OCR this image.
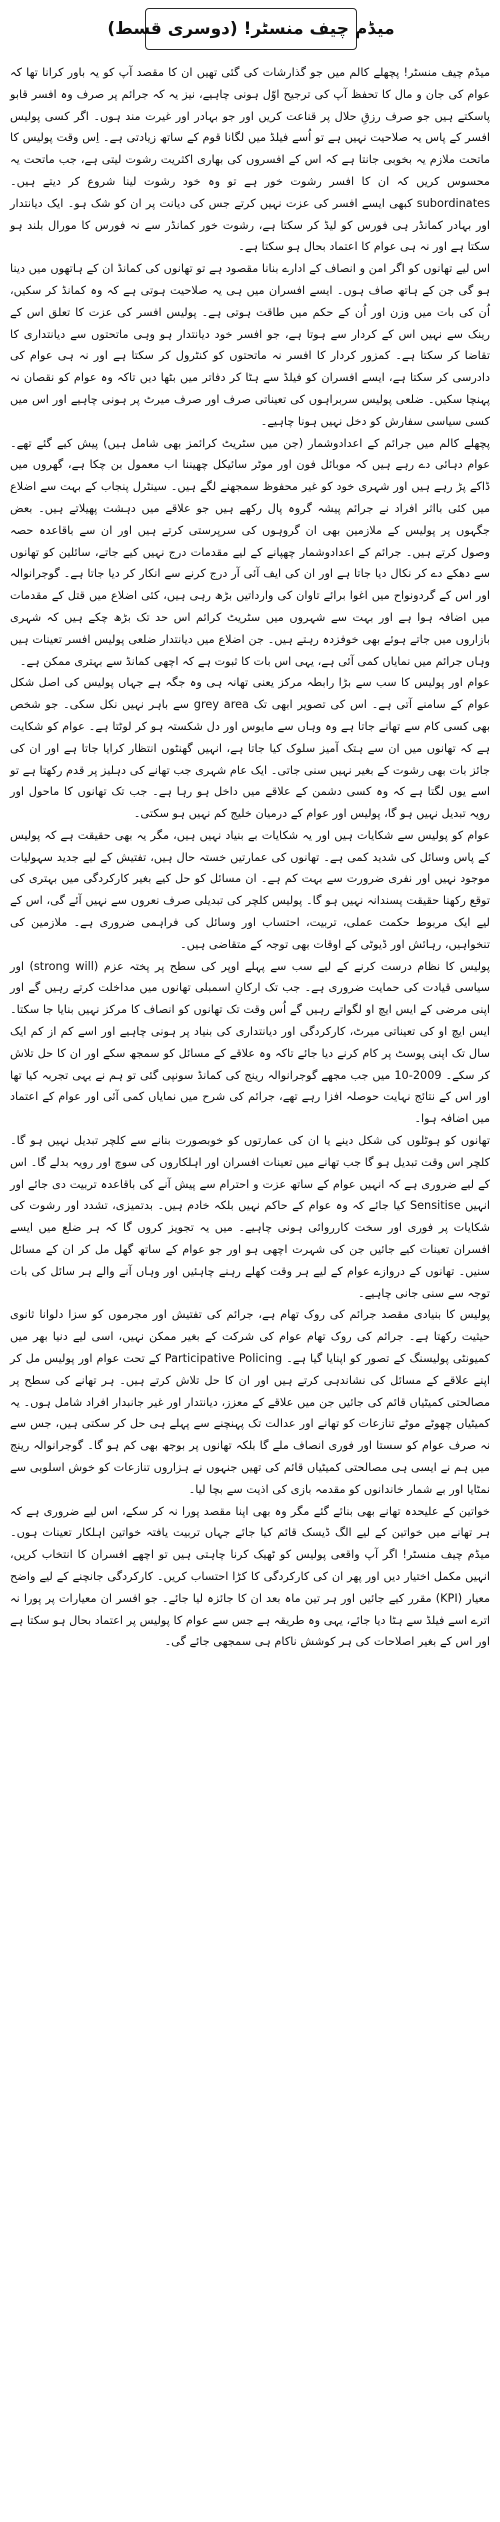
میڈم چیف منسٹر! (دوسری قسط)

میڈم چیف منسٹر! پچھلے کالم میں جو گذارشات کی گئی تھیں ان کا مقصد آپ کو یہ باور کرانا تھا کہ عوام کی جان و مال کا تحفظ آپ کی ترجیح اوّل ہونی چاہیے، نیز یہ کہ جرائم پر صرف وہ افسر قابو پاسکتے ہیں جو صرف رزقِ حلال پر قناعت کریں اور جو بہادر اور غیرت مند ہوں۔ اگر کسی پولیس افسر کے پاس یہ صلاحیت نہیں ہے تو اُسے فیلڈ میں لگانا قوم کے ساتھ زیادتی ہے۔ اِس وقت پولیس کا ماتحت ملازم یہ بخوبی جانتا ہے کہ اس کے افسروں کی بھاری اکثریت رشوت لیتی ہے، جب ماتحت یہ محسوس کریں کہ ان کا افسر رشوت خور ہے تو وہ خود رشوت لینا شروع کر دیتے ہیں۔ subordinates کبھی ایسے افسر کی عزت نہیں کرتے جس کی دیانت پر ان کو شک ہو۔ ایک دیانتدار اور بہادر کمانڈر ہی فورس کو لیڈ کر سکتا ہے، رشوت خور کمانڈر سے نہ فورس کا مورال بلند ہو سکتا ہے اور نہ ہی عوام کا اعتماد بحال ہو سکتا ہے۔

اس لیے تھانوں کو اگر امن و انصاف کے ادارے بنانا مقصود ہے تو تھانوں کی کمانڈ ان کے ہاتھوں میں دینا ہو گی جن کے ہاتھ صاف ہوں۔ ایسے افسران میں ہی یہ صلاحیت ہوتی ہے کہ وہ کمانڈ کر سکیں، اُن کی بات میں وزن اور اُن کے حکم میں طاقت ہوتی ہے۔ پولیس افسر کی عزت کا تعلق اس کے رینک سے نہیں اس کے کردار سے ہوتا ہے، جو افسر خود دیانتدار ہو وہی ماتحتوں سے دیانتداری کا تقاضا کر سکتا ہے۔ کمزور کردار کا افسر نہ ماتحتوں کو کنٹرول کر سکتا ہے اور نہ ہی عوام کی دادرسی کر سکتا ہے، ایسے افسران کو فیلڈ سے ہٹا کر دفاتر میں بٹھا دیں تاکہ وہ عوام کو نقصان نہ پہنچا سکیں۔ ضلعی پولیس سربراہوں کی تعیناتی صرف اور صرف میرٹ پر ہونی چاہیے اور اس میں کسی سیاسی سفارش کو دخل نہیں ہونا چاہیے۔

پچھلے کالم میں جرائم کے اعدادوشمار (جن میں سٹریٹ کرائمز بھی شامل ہیں) پیش کیے گئے تھے۔ عوام دہائی دے رہے ہیں کہ موبائل فون اور موٹر سائیکل چھیننا اب معمول بن چکا ہے، گھروں میں ڈاکے پڑ رہے ہیں اور شہری خود کو غیر محفوظ سمجھنے لگے ہیں۔ سینٹرل پنجاب کے بہت سے اضلاع میں کئی بااثر افراد نے جرائم پیشہ گروہ پال رکھے ہیں جو علاقے میں دہشت پھیلاتے ہیں۔ بعض جگہوں پر پولیس کے ملازمین بھی ان گروہوں کی سرپرستی کرتے ہیں اور ان سے باقاعدہ حصہ وصول کرتے ہیں۔ جرائم کے اعدادوشمار چھپانے کے لیے مقدمات درج نہیں کیے جاتے، سائلین کو تھانوں سے دھکے دے کر نکال دیا جاتا ہے اور ان کی ایف آئی آر درج کرنے سے انکار کر دیا جاتا ہے۔ گوجرانوالہ اور اس کے گردونواح میں اغوا برائے تاوان کی وارداتیں بڑھ رہی ہیں، کئی اضلاع میں قتل کے مقدمات میں اضافہ ہوا ہے اور بہت سے شہروں میں سٹریٹ کرائم اس حد تک بڑھ چکے ہیں کہ شہری بازاروں میں جاتے ہوئے بھی خوفزدہ رہتے ہیں۔ جن اضلاع میں دیانتدار ضلعی پولیس افسر تعینات ہیں وہاں جرائم میں نمایاں کمی آئی ہے، یہی اس بات کا ثبوت ہے کہ اچھی کمانڈ سے بہتری ممکن ہے۔

عوام اور پولیس کا سب سے بڑا رابطہ مرکز یعنی تھانہ ہی وہ جگہ ہے جہاں پولیس کی اصل شکل عوام کے سامنے آتی ہے۔ اس کی تصویر ابھی تک grey area سے باہر نہیں نکل سکی۔ جو شخص بھی کسی کام سے تھانے جاتا ہے وہ وہاں سے مایوس اور دل شکستہ ہو کر لوٹتا ہے۔ عوام کو شکایت ہے کہ تھانوں میں ان سے ہتک آمیز سلوک کیا جاتا ہے، انہیں گھنٹوں انتظار کرایا جاتا ہے اور ان کی جائز بات بھی رشوت کے بغیر نہیں سنی جاتی۔ ایک عام شہری جب تھانے کی دہلیز پر قدم رکھتا ہے تو اسے یوں لگتا ہے کہ وہ کسی دشمن کے علاقے میں داخل ہو رہا ہے۔ جب تک تھانوں کا ماحول اور رویہ تبدیل نہیں ہو گا، پولیس اور عوام کے درمیان خلیج کم نہیں ہو سکتی۔

عوام کو پولیس سے شکایات ہیں اور یہ شکایات بے بنیاد نہیں ہیں، مگر یہ بھی حقیقت ہے کہ پولیس کے پاس وسائل کی شدید کمی ہے۔ تھانوں کی عمارتیں خستہ حال ہیں، تفتیش کے لیے جدید سہولیات موجود نہیں اور نفری ضرورت سے بہت کم ہے۔ ان مسائل کو حل کیے بغیر کارکردگی میں بہتری کی توقع رکھنا حقیقت پسندانہ نہیں ہو گا۔ پولیس کلچر کی تبدیلی صرف نعروں سے نہیں آئے گی، اس کے لیے ایک مربوط حکمت عملی، تربیت، احتساب اور وسائل کی فراہمی ضروری ہے۔ ملازمین کی تنخواہیں، رہائش اور ڈیوٹی کے اوقات بھی توجہ کے متقاضی ہیں۔

پولیس کا نظام درست کرنے کے لیے سب سے پہلے اوپر کی سطح پر پختہ عزم (strong will) اور سیاسی قیادت کی حمایت ضروری ہے۔ جب تک ارکانِ اسمبلی تھانوں میں مداخلت کرتے رہیں گے اور اپنی مرضی کے ایس ایچ او لگواتے رہیں گے اُس وقت تک تھانوں کو انصاف کا مرکز نہیں بنایا جا سکتا۔ ایس ایچ او کی تعیناتی میرٹ، کارکردگی اور دیانتداری کی بنیاد پر ہونی چاہیے اور اسے کم از کم ایک سال تک اپنی پوسٹ پر کام کرنے دیا جائے تاکہ وہ علاقے کے مسائل کو سمجھ سکے اور ان کا حل تلاش کر سکے۔ 2009-10 میں جب مجھے گوجرانوالہ رینج کی کمانڈ سونپی گئی تو ہم نے یہی تجربہ کیا تھا اور اس کے نتائج نہایت حوصلہ افزا رہے تھے، جرائم کی شرح میں نمایاں کمی آئی اور عوام کے اعتماد میں اضافہ ہوا۔

تھانوں کو ہوٹلوں کی شکل دینے یا ان کی عمارتوں کو خوبصورت بنانے سے کلچر تبدیل نہیں ہو گا۔ کلچر اس وقت تبدیل ہو گا جب تھانے میں تعینات افسران اور اہلکاروں کی سوچ اور رویہ بدلے گا۔ اس کے لیے ضروری ہے کہ انہیں عوام کے ساتھ عزت و احترام سے پیش آنے کی باقاعدہ تربیت دی جائے اور انہیں Sensitise کیا جائے کہ وہ عوام کے حاکم نہیں بلکہ خادم ہیں۔ بدتمیزی، تشدد اور رشوت کی شکایات پر فوری اور سخت کارروائی ہونی چاہیے۔ میں یہ تجویز کروں گا کہ ہر ضلع میں ایسے افسران تعینات کیے جائیں جن کی شہرت اچھی ہو اور جو عوام کے ساتھ گھل مل کر ان کے مسائل سنیں۔ تھانوں کے دروازے عوام کے لیے ہر وقت کھلے رہنے چاہئیں اور وہاں آنے والے ہر سائل کی بات توجہ سے سنی جانی چاہیے۔

پولیس کا بنیادی مقصد جرائم کی روک تھام ہے، جرائم کی تفتیش اور مجرموں کو سزا دلوانا ثانوی حیثیت رکھتا ہے۔ جرائم کی روک تھام عوام کی شرکت کے بغیر ممکن نہیں، اسی لیے دنیا بھر میں کمیونٹی پولیسنگ کے تصور کو اپنایا گیا ہے۔ Participative Policing کے تحت عوام اور پولیس مل کر اپنے علاقے کے مسائل کی نشاندہی کرتے ہیں اور ان کا حل تلاش کرتے ہیں۔ ہر تھانے کی سطح پر مصالحتی کمیٹیاں قائم کی جائیں جن میں علاقے کے معزز، دیانتدار اور غیر جانبدار افراد شامل ہوں۔ یہ کمیٹیاں چھوٹے موٹے تنازعات کو تھانے اور عدالت تک پہنچنے سے پہلے ہی حل کر سکتی ہیں، جس سے نہ صرف عوام کو سستا اور فوری انصاف ملے گا بلکہ تھانوں پر بوجھ بھی کم ہو گا۔ گوجرانوالہ رینج میں ہم نے ایسی ہی مصالحتی کمیٹیاں قائم کی تھیں جنہوں نے ہزاروں تنازعات کو خوش اسلوبی سے نمٹایا اور بے شمار خاندانوں کو مقدمہ بازی کی اذیت سے بچا لیا۔

خواتین کے علیحدہ تھانے بھی بنائے گئے مگر وہ بھی اپنا مقصد پورا نہ کر سکے، اس لیے ضروری ہے کہ ہر تھانے میں خواتین کے لیے الگ ڈیسک قائم کیا جائے جہاں تربیت یافتہ خواتین اہلکار تعینات ہوں۔ میڈم چیف منسٹر! اگر آپ واقعی پولیس کو ٹھیک کرنا چاہتی ہیں تو اچھے افسران کا انتخاب کریں، انہیں مکمل اختیار دیں اور پھر ان کی کارکردگی کا کڑا احتساب کریں۔ کارکردگی جانچنے کے لیے واضح معیار (KPI) مقرر کیے جائیں اور ہر تین ماہ بعد ان کا جائزہ لیا جائے۔ جو افسر ان معیارات پر پورا نہ اترے اسے فیلڈ سے ہٹا دیا جائے، یہی وہ طریقہ ہے جس سے عوام کا پولیس پر اعتماد بحال ہو سکتا ہے اور اس کے بغیر اصلاحات کی ہر کوشش ناکام ہی سمجھی جائے گی۔
